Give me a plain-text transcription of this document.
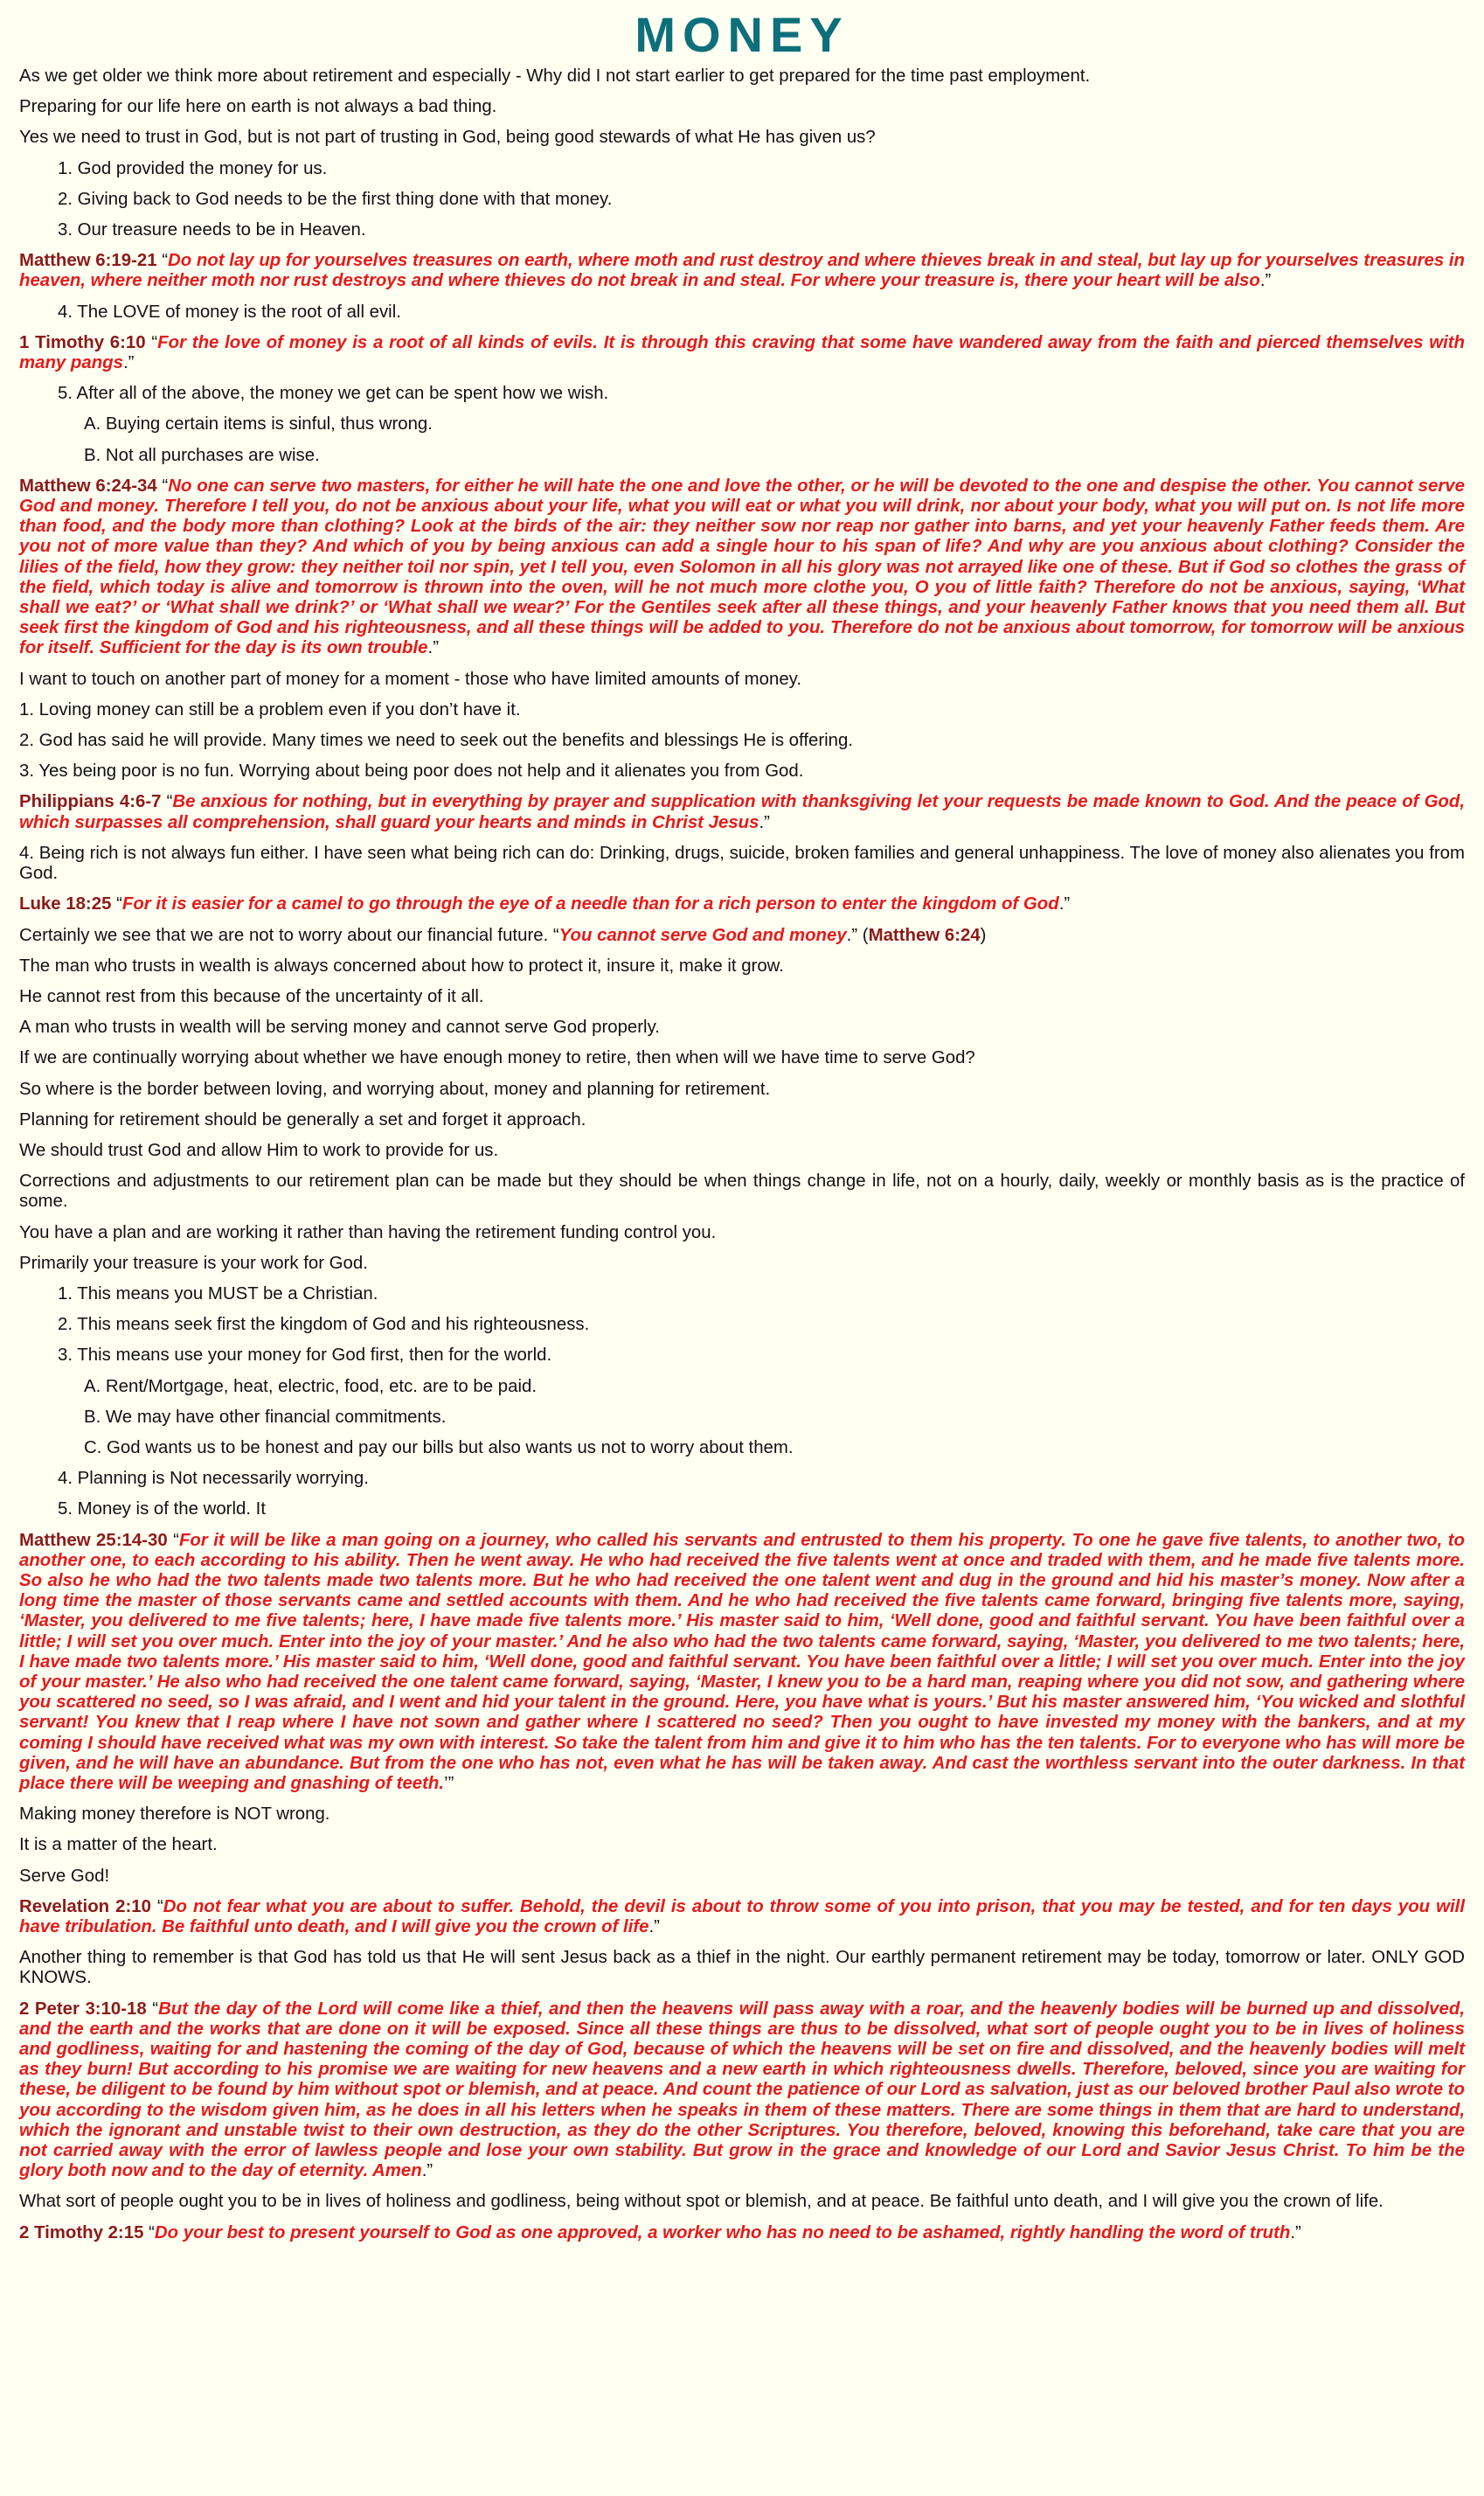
MONEY
As we get older we think more about retirement and especially - Why did I not start earlier to get prepared for the time past employment.
Preparing for our life here on earth is not always a bad thing.
Yes we need to trust in God, but is not part of trusting in God, being good stewards of what He has given us?
1. God provided the money for us.
2. Giving back to God needs to be the first thing done with that money.
3. Our treasure needs to be in Heaven.
Matthew 6:19-21 “Do not lay up for yourselves treasures on earth, where moth and rust destroy and where thieves break in and steal, but lay up for yourselves treasures in heaven, where neither moth nor rust destroys and where thieves do not break in and steal. For where your treasure is, there your heart will be also.”
4. The LOVE of money is the root of all evil.
1 Timothy 6:10 “For the love of money is a root of all kinds of evils. It is through this craving that some have wandered away from the faith and pierced themselves with many pangs.”
5. After all of the above, the money we get can be spent how we wish.
A. Buying certain items is sinful, thus wrong.
B. Not all purchases are wise.
Matthew 6:24-34 “No one can serve two masters, for either he will hate the one and love the other, or he will be devoted to the one and despise the other. You cannot serve God and money. Therefore I tell you, do not be anxious about your life, what you will eat or what you will drink, nor about your body, what you will put on. Is not life more than food, and the body more than clothing? Look at the birds of the air: they neither sow nor reap nor gather into barns, and yet your heavenly Father feeds them. Are you not of more value than they? And which of you by being anxious can add a single hour to his span of life? And why are you anxious about clothing? Consider the lilies of the field, how they grow: they neither toil nor spin, yet I tell you, even Solomon in all his glory was not arrayed like one of these. But if God so clothes the grass of the field, which today is alive and tomorrow is thrown into the oven, will he not much more clothe you, O you of little faith? Therefore do not be anxious, saying, ‘What shall we eat?’ or ‘What shall we drink?’ or ‘What shall we wear?’ For the Gentiles seek after all these things, and your heavenly Father knows that you need them all. But seek first the kingdom of God and his righteousness, and all these things will be added to you. Therefore do not be anxious about tomorrow, for tomorrow will be anxious for itself. Sufficient for the day is its own trouble.”
I want to touch on another part of money for a moment - those who have limited amounts of money.
1. Loving money can still be a problem even if you don’t have it.
2. God has said he will provide. Many times we need to seek out the benefits and blessings He is offering.
3. Yes being poor is no fun. Worrying about being poor does not help and it alienates you from God.
Philippians 4:6-7 “Be anxious for nothing, but in everything by prayer and supplication with thanksgiving let your requests be made known to God. And the peace of God, which surpasses all comprehension, shall guard your hearts and minds in Christ Jesus.”
4. Being rich is not always fun either. I have seen what being rich can do: Drinking, drugs, suicide, broken families and general unhappiness. The love of money also alienates you from God.
Luke 18:25 “For it is easier for a camel to go through the eye of a needle than for a rich person to enter the kingdom of God.”
Certainly we see that we are not to worry about our financial future. “You cannot serve God and money.” (Matthew 6:24)
The man who trusts in wealth is always concerned about how to protect it, insure it, make it grow.
He cannot rest from this because of the uncertainty of it all.
A man who trusts in wealth will be serving money and cannot serve God properly.
If we are continually worrying about whether we have enough money to retire, then when will we have time to serve God?
So where is the border between loving, and worrying about, money and planning for retirement.
Planning for retirement should be generally a set and forget it approach.
We should trust God and allow Him to work to provide for us.
Corrections and adjustments to our retirement plan can be made but they should be when things change in life, not on a hourly, daily, weekly or monthly basis as is the practice of some.
You have a plan and are working it rather than having the retirement funding control you.
Primarily your treasure is your work for God.
1. This means you MUST be a Christian.
2. This means seek first the kingdom of God and his righteousness.
3. This means use your money for God first, then for the world.
A. Rent/Mortgage, heat, electric, food, etc. are to be paid.
B. We may have other financial commitments.
C. God wants us to be honest and pay our bills but also wants us not to worry about them.
4. Planning is Not necessarily worrying.
5. Money is of the world. It
Matthew 25:14-30 “For it will be like a man going on a journey, who called his servants and entrusted to them his property. To one he gave five talents, to another two, to another one, to each according to his ability. Then he went away. He who had received the five talents went at once and traded with them, and he made five talents more. So also he who had the two talents made two talents more. But he who had received the one talent went and dug in the ground and hid his master’s money. Now after a long time the master of those servants came and settled accounts with them. And he who had received the five talents came forward, bringing five talents more, saying, ‘Master, you delivered to me five talents; here, I have made five talents more.’ His master said to him, ‘Well done, good and faithful servant. You have been faithful over a little; I will set you over much. Enter into the joy of your master.’ And he also who had the two talents came forward, saying, ‘Master, you delivered to me two talents; here, I have made two talents more.’ His master said to him, ‘Well done, good and faithful servant. You have been faithful over a little; I will set you over much. Enter into the joy of your master.’ He also who had received the one talent came forward, saying, ‘Master, I knew you to be a hard man, reaping where you did not sow, and gathering where you scattered no seed, so I was afraid, and I went and hid your talent in the ground. Here, you have what is yours.’ But his master answered him, ‘You wicked and slothful servant! You knew that I reap where I have not sown and gather where I scattered no seed? Then you ought to have invested my money with the bankers, and at my coming I should have received what was my own with interest. So take the talent from him and give it to him who has the ten talents. For to everyone who has will more be given, and he will have an abundance. But from the one who has not, even what he has will be taken away. And cast the worthless servant into the outer darkness. In that place there will be weeping and gnashing of teeth.’”
Making money therefore is NOT wrong.
It is a matter of the heart.
Serve God!
Revelation 2:10 “Do not fear what you are about to suffer. Behold, the devil is about to throw some of you into prison, that you may be tested, and for ten days you will have tribulation. Be faithful unto death, and I will give you the crown of life.”
Another thing to remember is that God has told us that He will sent Jesus back as a thief in the night. Our earthly permanent retirement may be today, tomorrow or later. ONLY GOD KNOWS.
2 Peter 3:10-18 “But the day of the Lord will come like a thief, and then the heavens will pass away with a roar, and the heavenly bodies will be burned up and dissolved, and the earth and the works that are done on it will be exposed. Since all these things are thus to be dissolved, what sort of people ought you to be in lives of holiness and godliness, waiting for and hastening the coming of the day of God, because of which the heavens will be set on fire and dissolved, and the heavenly bodies will melt as they burn! But according to his promise we are waiting for new heavens and a new earth in which righteousness dwells. Therefore, beloved, since you are waiting for these, be diligent to be found by him without spot or blemish, and at peace. And count the patience of our Lord as salvation, just as our beloved brother Paul also wrote to you according to the wisdom given him, as he does in all his letters when he speaks in them of these matters. There are some things in them that are hard to understand, which the ignorant and unstable twist to their own destruction, as they do the other Scriptures. You therefore, beloved, knowing this beforehand, take care that you are not carried away with the error of lawless people and lose your own stability. But grow in the grace and knowledge of our Lord and Savior Jesus Christ. To him be the glory both now and to the day of eternity. Amen.”
What sort of people ought you to be in lives of holiness and godliness, being without spot or blemish, and at peace. Be faithful unto death, and I will give you the crown of life.
2 Timothy 2:15 “Do your best to present yourself to God as one approved, a worker who has no need to be ashamed, rightly handling the word of truth.”
